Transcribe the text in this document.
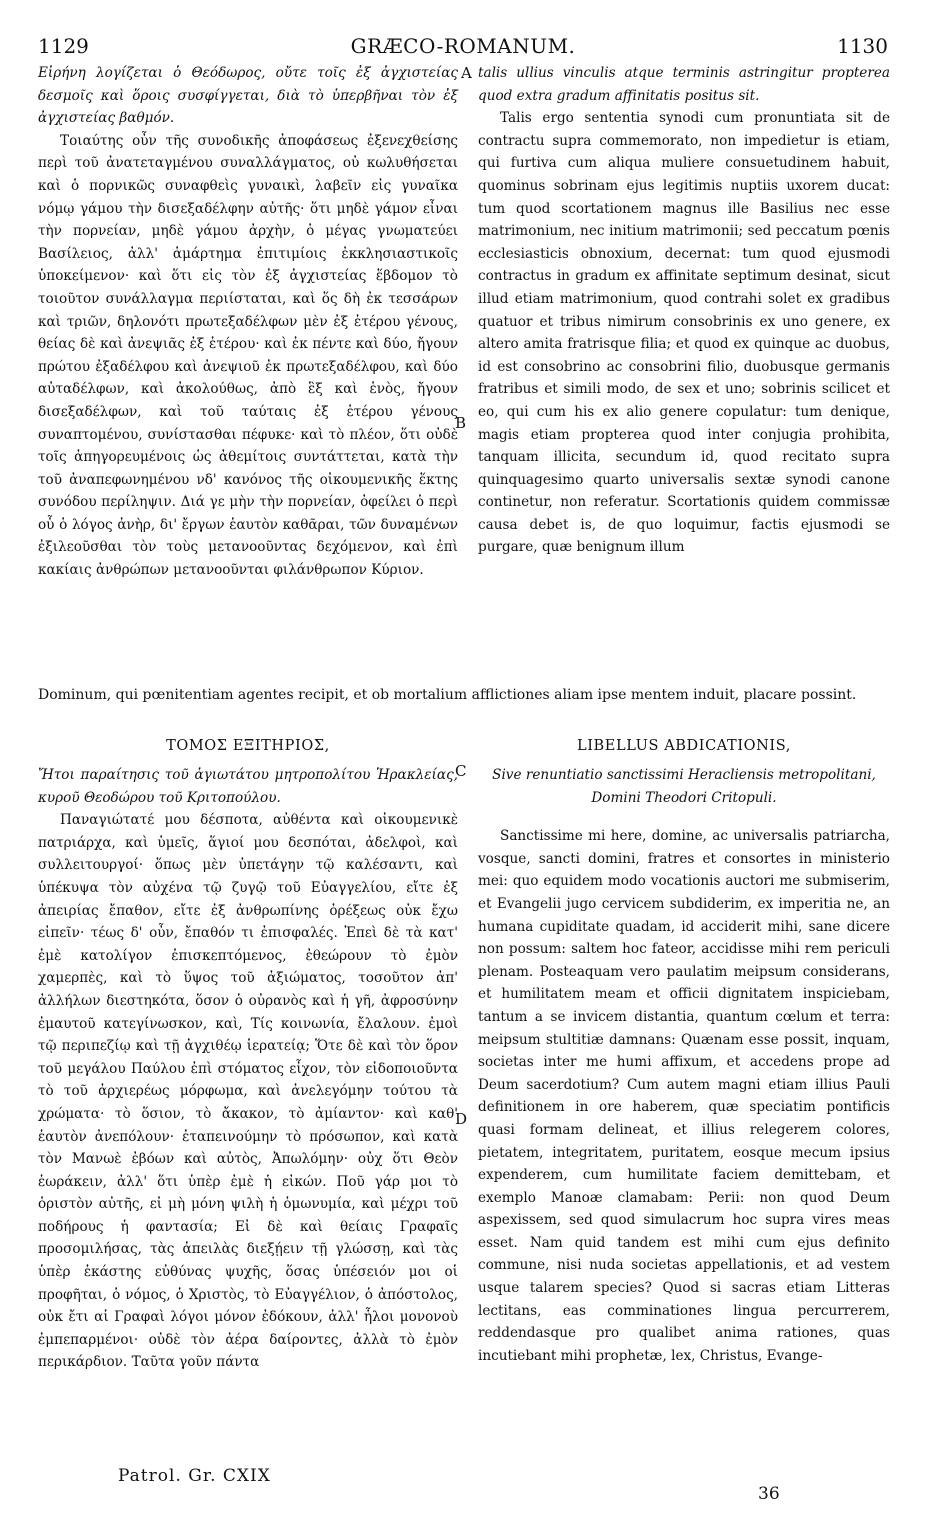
1129	GRÆCO-ROMANUM.	1130

Εἰρήνη λογίζεται ὁ Θεόδωρος, οὔτε τοῖς ἐξ ἀγχιστείας δεσμοῖς καὶ ὅροις συσφίγγεται, διὰ τὸ ὑπερβῆναι τὸν ἐξ ἀγχιστείας βαθμόν.

Τοιαύτης οὖν τῆς συνοδικῆς ἀποφάσεως ἐξενεχθείσης περὶ τοῦ ἀνατεταγμένου συναλλάγματος, οὐ κωλυθήσεται καὶ ὁ πορνικῶς συναφθεὶς γυναικὶ, λαβεῖν εἰς γυναῖκα νόμῳ γάμου τὴν δισεξαδέλφην αὐτῆς· ὅτι μηδὲ γάμον εἶναι τὴν πορνείαν, μηδὲ γάμου ἀρχὴν, ὁ μέγας γνωματεύει Βασίλειος, ἀλλ' ἁμάρτημα ἐπιτιμίοις ἐκκλησιαστικοῖς ὑποκείμενον· καὶ ὅτι εἰς τὸν ἐξ ἀγχιστείας ἕβδομον τὸ τοιοῦτον συνάλλαγμα περιίσταται, καὶ ὅς δὴ ἐκ τεσσάρων καὶ τριῶν, δηλονότι πρωτεξαδέλφων μὲν ἐξ ἑτέρου γένους, θείας δὲ καὶ ἀνεψιᾶς ἐξ ἑτέρου· καὶ ἐκ πέντε καὶ δύο, ἤγουν πρώτου ἐξαδέλφου καὶ ἀνεψιοῦ ἐκ πρωτεξαδέλφου, καὶ δύο αὐταδέλφων, καὶ ἀκολούθως, ἀπὸ ἓξ καὶ ἑνὸς, ἤγουν δισεξαδέλφων, καὶ τοῦ ταύταις ἐξ ἑτέρου γένους συναπτομένου, συνίστασθαι πέφυκε· καὶ τὸ πλέον, ὅτι οὐδὲ τοῖς ἀπηγορευμένοις ὡς ἀθεμίτοις συντάττεται, κατὰ τὴν τοῦ ἀναπεφωνημένου νδ' κανόνος τῆς οἰκουμενικῆς ἕκτης συνόδου περίληψιν. Διά γε μὴν τὴν πορνείαν, ὀφείλει ὁ περὶ οὗ ὁ λόγος ἀνὴρ, δι' ἔργων ἑαυτὸν καθᾶραι, τῶν δυναμένων ἐξιλεοῦσθαι τὸν τοὺς μετανοοῦντας δεχόμενον, καὶ ἐπὶ κακίαις ἀνθρώπων μετανοοῦνται φιλάνθρωπον Κύριον.

talis ullius vinculis atque terminis astringitur propterea quod extra gradum affinitatis positus sit.

Talis ergo sententia synodi cum pronuntiata sit de contractu supra commemorato, non impedietur is etiam, qui furtiva cum aliqua muliere consuetudinem habuit, quominus sobrinam ejus legitimis nuptiis uxorem ducat: tum quod scortationem magnus ille Basilius nec esse matrimonium, nec initium matrimonii; sed peccatum pœnis ecclesiasticis obnoxium, decernat: tum quod ejusmodi contractus in gradum ex affinitate septimum desinat, sicut illud etiam matrimonium, quod contrahi solet ex gradibus quatuor et tribus nimirum consobrinis ex uno genere, ex altero amita fratrisque filia; et quod ex quinque ac duobus, id est consobrino ac consobrini filio, duobusque germanis fratribus et simili modo, de sex et uno; sobrinis scilicet et eo, qui cum his ex alio genere copulatur: tum denique, magis etiam propterea quod inter conjugia prohibita, tanquam illicita, secundum id, quod recitato supra quinquagesimo quarto universalis sextæ synodi canone continetur, non referatur. Scortationis quidem commissæ causa debet is, de quo loquimur, factis ejusmodi se purgare, quæ benignum illum

A
B
C
D

Dominum, qui pœnitentiam agentes recipit, et ob mortalium afflictiones aliam ipse mentem induit, placare possint.

ΤΟΜΟΣ ΕΞΙΤΗΡΙΟΣ,	LIBELLUS ABDICATIONIS,

Ἤτοι παραίτησις τοῦ ἁγιωτάτου μητροπολίτου Ἡρακλείας, κυροῦ Θεοδώρου τοῦ Κριτοπούλου.

Παναγιώτατέ μου δέσποτα, αὐθέντα καὶ οἰκουμενικὲ πατριάρχα, καὶ ὑμεῖς, ἅγιοί μου δεσπόται, ἀδελφοὶ, καὶ συλλειτουργοί· ὅπως μὲν ὑπετάγην τῷ καλέσαντι, καὶ ὑπέκυψα τὸν αὐχένα τῷ ζυγῷ τοῦ Εὐαγγελίου, εἴτε ἐξ ἀπειρίας ἔπαθον, εἴτε ἐξ ἀνθρωπίνης ὀρέξεως οὐκ ἔχω εἰπεῖν· τέως δ' οὖν, ἔπαθόν τι ἐπισφαλές. Ἐπεὶ δὲ τὰ κατ' ἐμὲ κατολίγον ἐπισκεπτόμενος, ἐθεώρουν τὸ ἐμὸν χαμερπὲς, καὶ τὸ ὕψος τοῦ ἀξιώματος, τοσοῦτον ἀπ' ἀλλήλων διεστηκότα, ὅσον ὁ οὐρανὸς καὶ ἡ γῆ, ἀφροσύνην ἐμαυτοῦ κατεγίνωσκον, καὶ, Τίς κοινωνία, ἔλαλουν. ἐμοὶ τῷ περιπεζίῳ καὶ τῇ ἀγχιθέῳ ἱερατείᾳ; Ὅτε δὲ καὶ τὸν ὅρον τοῦ μεγάλου Παύλου ἐπὶ στόματος εἶχον, τὸν εἰδοποιοῦντα τὸ τοῦ ἀρχιερέως μόρφωμα, καὶ ἀνελεγόμην τούτου τὰ χρώματα· τὸ ὅσιον, τὸ ἄκακον, τὸ ἀμίαντον· καὶ καθ' ἑαυτὸν ἀνεπόλουν· ἐταπεινούμην τὸ πρόσωπον, καὶ κατὰ τὸν Μανωὲ ἐβόων καὶ αὐτὸς, Ἀπωλόμην· οὐχ ὅτι Θεὸν ἑωράκειν, ἀλλ' ὅτι ὑπὲρ ἐμὲ ἡ εἰκών. Ποῦ γάρ μοι τὸ ὁριστὸν αὐτῆς, εἰ μὴ μόνη ψιλὴ ἡ ὁμωνυμία, καὶ μέχρι τοῦ ποδήρους ἡ φαντασία; Εἰ δὲ καὶ θείαις Γραφαῖς προσομιλήσας, τὰς ἀπειλὰς διεξῄειν τῇ γλώσσῃ, καὶ τὰς ὑπὲρ ἑκάστης εὐθύνας ψυχῆς, ὅσας ὑπέσειόν μοι οἱ προφῆται, ὁ νόμος, ὁ Χριστὸς, τὸ Εὐαγγέλιον, ὁ ἀπόστολος, οὐκ ἔτι αἱ Γραφαὶ λόγοι μόνον ἐδόκουν, ἀλλ' ἧλοι μονονοὺ ἐμπεπαρμένοι· οὐδὲ τὸν ἀέρα δαίροντες, ἀλλὰ τὸ ἐμὸν περικάρδιον. Ταῦτα γοῦν πάντα

Sive renuntiatio sanctissimi Heracliensis metropolitani, Domini Theodori Critopuli.

Sanctissime mi here, domine, ac universalis patriarcha, vosque, sancti domini, fratres et consortes in ministerio mei: quo equidem modo vocationis auctori me submiserim, et Evangelii jugo cervicem subdiderim, ex imperitia ne, an humana cupiditate quadam, id acciderit mihi, sane dicere non possum: saltem hoc fateor, accidisse mihi rem periculi plenam. Posteaquam vero paulatim meipsum considerans, et humilitatem meam et officii dignitatem inspiciebam, tantum a se invicem distantia, quantum cœlum et terra: meipsum stultitiæ damnans: Quænam esse possit, inquam, societas inter me humi affixum, et accedens prope ad Deum sacerdotium? Cum autem magni etiam illius Pauli definitionem in ore haberem, quæ speciatim pontificis quasi formam delineat, et illius relegerem colores, pietatem, integritatem, puritatem, eosque mecum ipsius expenderem, cum humilitate faciem demittebam, et exemplo Manoæ clamabam: Perii: non quod Deum aspexissem, sed quod simulacrum hoc supra vires meas esset. Nam quid tandem est mihi cum ejus definito commune, nisi nuda societas appellationis, et ad vestem usque talarem species? Quod si sacras etiam Litteras lectitans, eas comminationes lingua percurrerem, reddendasque pro qualibet anima rationes, quas incutiebant mihi prophetæ, lex, Christus, Evange-

Patrol. Gr. CXIX
36
